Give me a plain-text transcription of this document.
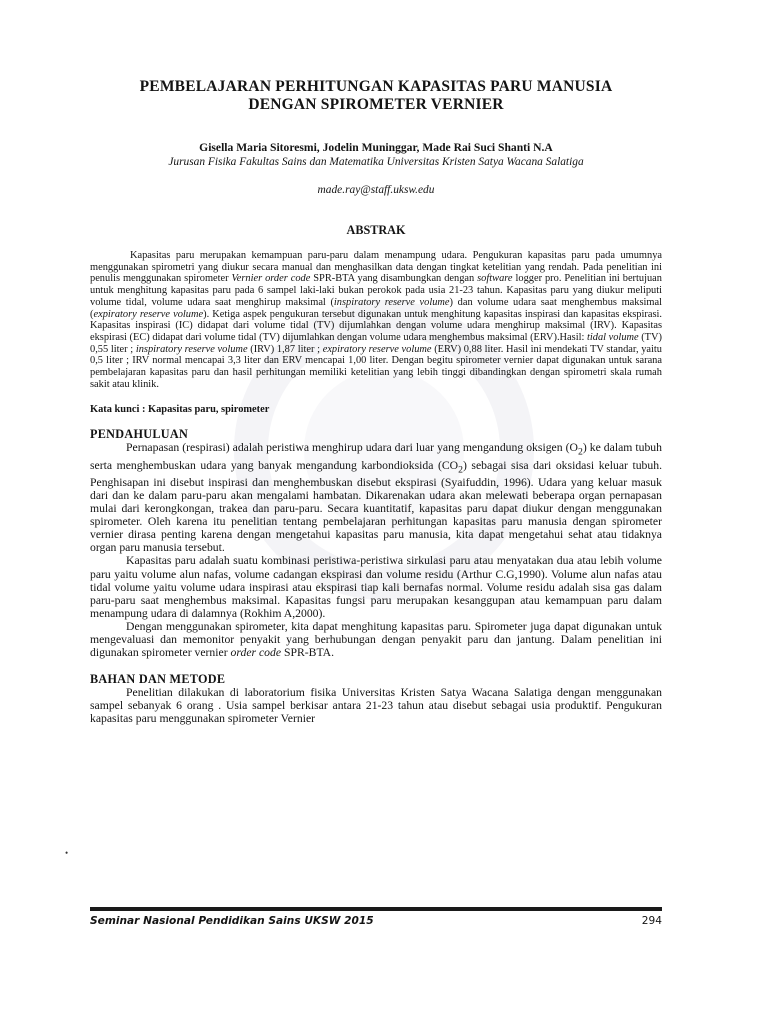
PEMBELAJARAN PERHITUNGAN KAPASITAS PARU MANUSIA
DENGAN SPIROMETER VERNIER
Gisella Maria Sitoresmi, Jodelin Muninggar, Made Rai Suci Shanti N.A
Jurusan Fisika Fakultas Sains dan Matematika Universitas Kristen Satya Wacana Salatiga
made.ray@staff.uksw.edu
ABSTRAK

Kapasitas paru merupakan kemampuan paru-paru dalam menampung udara. Pengukuran kapasitas paru pada umumnya menggunakan spirometri yang diukur secara manual dan menghasilkan data dengan tingkat ketelitian yang rendah. Pada penelitian ini penulis menggunakan spirometer Vernier order code SPR-BTA yang disambungkan dengan software logger pro. Penelitian ini bertujuan untuk menghitung kapasitas paru pada 6 sampel laki-laki bukan perokok pada usia 21-23 tahun. Kapasitas paru yang diukur meliputi volume tidal, volume udara saat menghirup maksimal (inspiratory reserve volume) dan volume udara saat menghembus maksimal (expiratory reserve volume). Ketiga aspek pengukuran tersebut digunakan untuk menghitung kapasitas inspirasi dan kapasitas ekspirasi. Kapasitas inspirasi (IC) didapat dari volume tidal (TV) dijumlahkan dengan volume udara menghirup maksimal (IRV). Kapasitas ekspirasi (EC) didapat dari volume tidal (TV) dijumlahkan dengan volume udara menghembus maksimal (ERV).Hasil: tidal volume (TV) 0,55 liter ; inspiratory reserve volume (IRV) 1,87 liter ; expiratory reserve volume (ERV) 0,88 liter. Hasil ini mendekati TV standar, yaitu 0,5 liter ; IRV normal mencapai 3,3 liter dan ERV mencapai 1,00 liter. Dengan begitu spirometer vernier dapat digunakan untuk sarana pembelajaran kapasitas paru dan hasil perhitungan memiliki ketelitian yang lebih tinggi dibandingkan dengan spirometri skala rumah sakit atau klinik.

Kata kunci : Kapasitas paru, spirometer
PENDAHULUAN

Pernapasan (respirasi) adalah peristiwa menghirup udara dari luar yang mengandung oksigen $(O_2)$ ke dalam tubuh serta menghembuskan udara yang banyak mengandung karbondioksida $(CO_2)$ sebagai sisa dari oksidasi keluar tubuh. Penghisapan ini disebut inspirasi dan menghembuskan disebut ekspirasi (Syaifuddin, 1996). Udara yang keluar masuk dari dan ke dalam paru-paru akan mengalami hambatan. Dikarenakan udara akan melewati beberapa organ pernapasan mulai dari kerongkongan, trakea dan paru-paru. Secara kuantitatif, kapasitas paru dapat diukur dengan menggunakan spirometer. Oleh karena itu penelitian tentang pembelajaran perhitungan kapasitas paru manusia dengan spirometer vernier dirasa penting karena dengan mengetahui kapasitas paru manusia, kita dapat mengetahui sehat atau tidaknya organ paru manusia tersebut.

Kapasitas paru adalah suatu kombinasi peristiwa-peristiwa sirkulasi paru atau menyatakan dua atau lebih volume paru yaitu volume alun nafas, volume cadangan ekspirasi dan volume residu (Arthur C.G,1990). Volume alun nafas atau tidal volume yaitu volume udara inspirasi atau ekspirasi tiap kali bernafas normal. Volume residu adalah sisa gas dalam paru-paru saat menghembus maksimal. Kapasitas fungsi paru merupakan kesanggupan atau kemampuan paru dalam menampung udara di dalamnya (Rokhim A,2000).

Dengan menggunakan spirometer, kita dapat menghitung kapasitas paru. Spirometer juga dapat digunakan untuk mengevaluasi dan memonitor penyakit yang berhubungan dengan penyakit paru dan jantung. Dalam penelitian ini digunakan spirometer vernier order code SPR-BTA.

BAHAN DAN METODE

Penelitian dilakukan di laboratorium fisika Universitas Kristen Satya Wacana Salatiga dengan menggunakan sampel sebanyak 6 orang . Usia sampel berkisar antara 21-23 tahun atau disebut sebagai usia produktif. Pengukuran kapasitas paru menggunakan spirometer Vernier

•
Seminar Nasional Pendidikan Sains UKSW 2015	294
